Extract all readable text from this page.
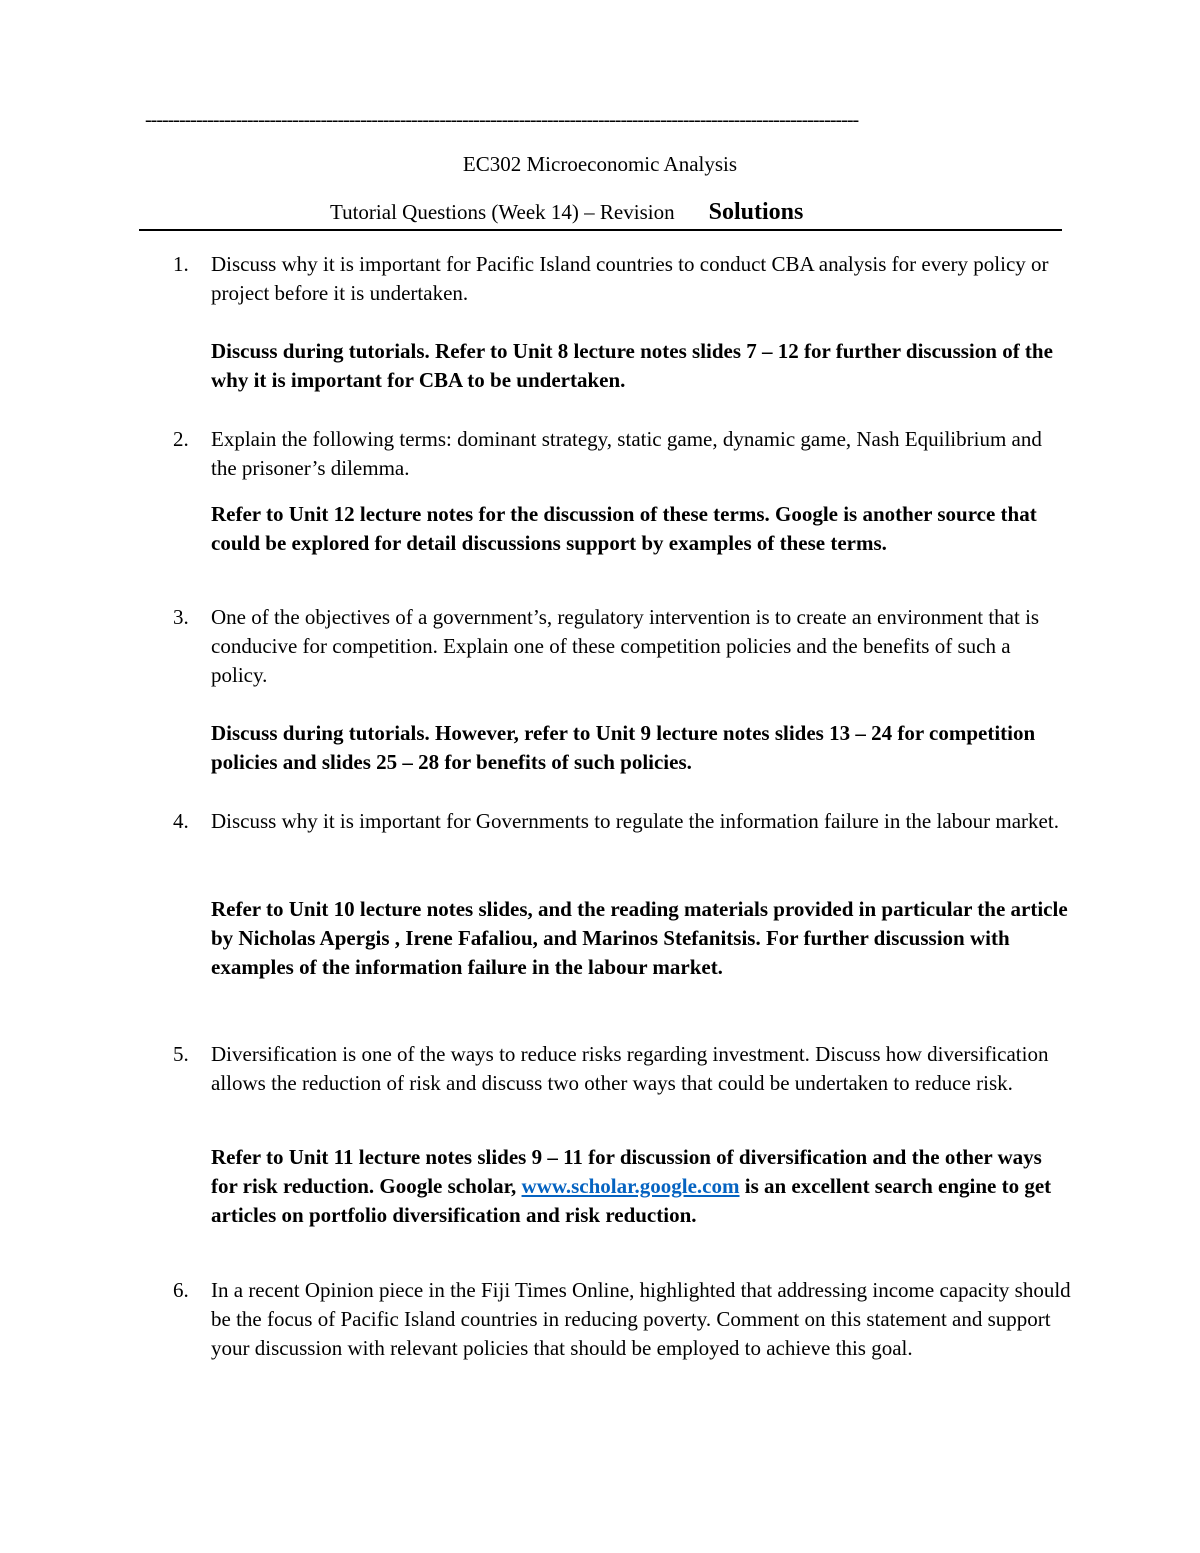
------------------------------------------------------------------------------------------------------------------------------
EC302 Microeconomic Analysis
Tutorial Questions (Week 14) – Revision Solutions
1. Discuss why it is important for Pacific Island countries to conduct CBA analysis for every policy or project before it is undertaken.
Discuss during tutorials. Refer to Unit 8 lecture notes slides 7 – 12 for further discussion of the why it is important for CBA to be undertaken.
2. Explain the following terms: dominant strategy, static game, dynamic game, Nash Equilibrium and the prisoner’s dilemma.
Refer to Unit 12 lecture notes for the discussion of these terms. Google is another source that could be explored for detail discussions support by examples of these terms.
3. One of the objectives of a government’s, regulatory intervention is to create an environment that is conducive for competition. Explain one of these competition policies and the benefits of such a policy.
Discuss during tutorials. However, refer to Unit 9 lecture notes slides 13 – 24 for competition policies and slides 25 – 28 for benefits of such policies.
4. Discuss why it is important for Governments to regulate the information failure in the labour market.
Refer to Unit 10 lecture notes slides, and the reading materials provided in particular the article by Nicholas Apergis , Irene Fafaliou, and Marinos Stefanitsis. For further discussion with examples of the information failure in the labour market.
5. Diversification is one of the ways to reduce risks regarding investment. Discuss how diversification allows the reduction of risk and discuss two other ways that could be undertaken to reduce risk.
Refer to Unit 11 lecture notes slides 9 – 11 for discussion of diversification and the other ways for risk reduction. Google scholar, www.scholar.google.com is an excellent search engine to get articles on portfolio diversification and risk reduction.
6. In a recent Opinion piece in the Fiji Times Online, highlighted that addressing income capacity should be the focus of Pacific Island countries in reducing poverty. Comment on this statement and support your discussion with relevant policies that should be employed to achieve this goal.
